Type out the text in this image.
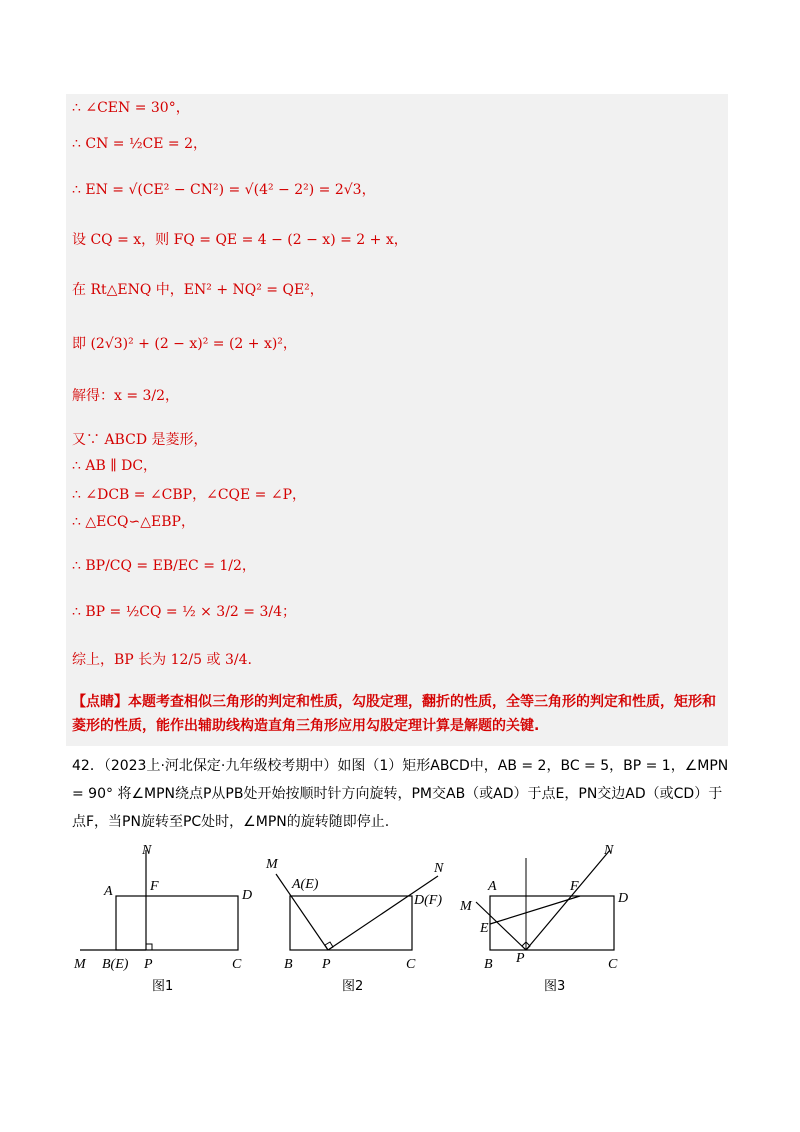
∴ ∠CEN = 30°，
∴ CN = ½CE = 2，
∴ EN = √(CE² − CN²) = √(4² − 2²) = 2√3，
设 CQ = x，则 FQ = QE = 4 − (2 − x) = 2 + x，
在 Rt△ENQ 中，EN² + NQ² = QE²，
即 (2√3)² + (2 − x)² = (2 + x)²，
解得：x = 3/2，
又∵ ABCD 是菱形，
∴ AB ∥ DC，
∴ ∠DCB = ∠CBP，∠CQE = ∠P，
∴ △ECQ∽△EBP，
∴ BP/CQ = EB/EC = 1/2，
∴ BP = ½CQ = ½ × 3/2 = 3/4；
综上，BP 长为 12/5 或 3/4.
【点睛】本题考查相似三角形的判定和性质，勾股定理，翻折的性质，全等三角形的判定和性质，矩形和菱形的性质，能作出辅助线构造直角三角形应用勾股定理计算是解题的关键.
42．（2023上·河北保定·九年级校考期中）如图（1）矩形ABCD中，AB = 2，BC = 5，BP = 1，∠MPN = 90° 将∠MPN绕点P从PB处开始按顺时针方向旋转，PM交AB（或AD）于点E，PN交边AD（或CD）于点F，当PN旋转至PC处时，∠MPN的旋转随即停止.
N
F
A	D
M B(E) P	C
图1
M
A(E)
N
D(F)
B P	C
图2
N
A	F
D
M
E
B P	C
图3
